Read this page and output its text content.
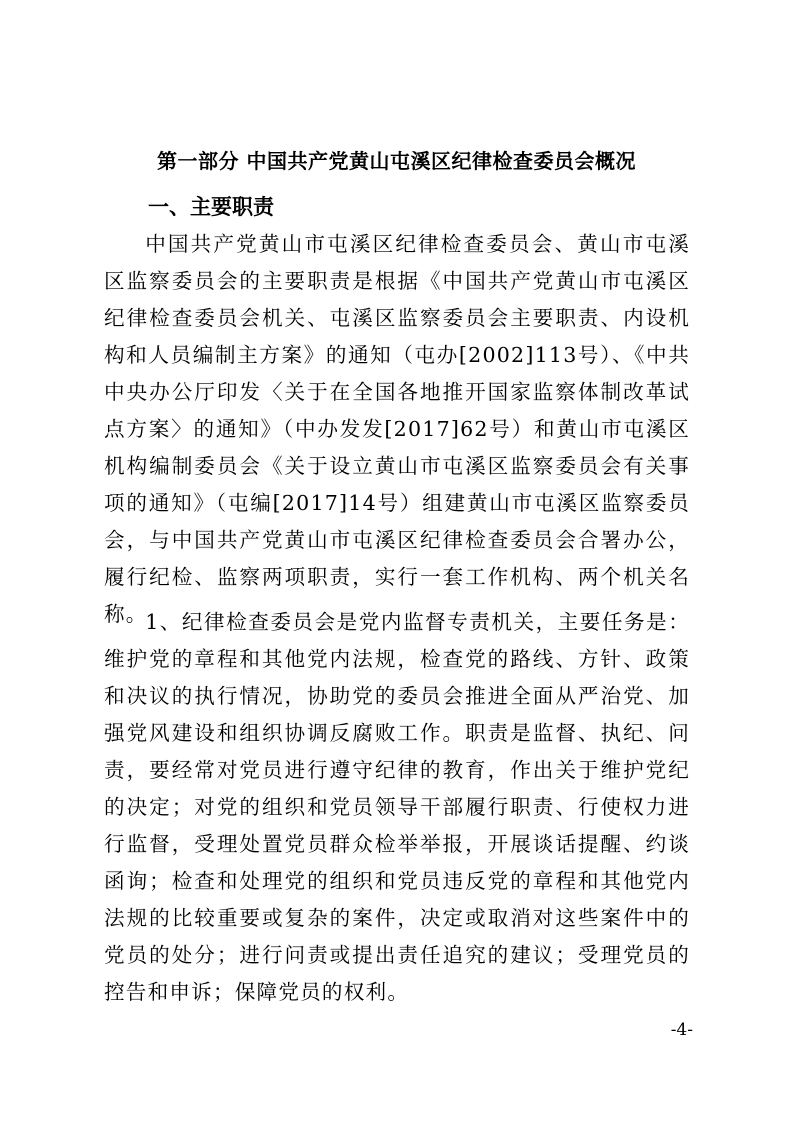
第一部分 中国共产党黄山屯溪区纪律检查委员会概况
一、主要职责

中国共产党黄山市屯溪区纪律检查委员会、黄山市屯溪区监察委员会的主要职责是根据《中国共产党黄山市屯溪区纪律检查委员会机关、屯溪区监察委员会主要职责、内设机构和人员编制主方案》的通知（屯办[2002]113号）、《中共中央办公厅印发〈关于在全国各地推开国家监察体制改革试点方案〉的通知》（中办发发[2017]62号）和黄山市屯溪区机构编制委员会《关于设立黄山市屯溪区监察委员会有关事项的通知》（屯编[2017]14号）组建黄山市屯溪区监察委员会，与中国共产党黄山市屯溪区纪律检查委员会合署办公，履行纪检、监察两项职责，实行一套工作机构、两个机关名称。

1、纪律检查委员会是党内监督专责机关，主要任务是：维护党的章程和其他党内法规，检查党的路线、方针、政策和决议的执行情况，协助党的委员会推进全面从严治党、加强党风建设和组织协调反腐败工作。职责是监督、执纪、问责，要经常对党员进行遵守纪律的教育，作出关于维护党纪的决定；对党的组织和党员领导干部履行职责、行使权力进行监督，受理处置党员群众检举举报，开展谈话提醒、约谈函询；检查和处理党的组织和党员违反党的章程和其他党内法规的比较重要或复杂的案件，决定或取消对这些案件中的党员的处分；进行问责或提出责任追究的建议；受理党员的控告和申诉；保障党员的权利。

-4-
